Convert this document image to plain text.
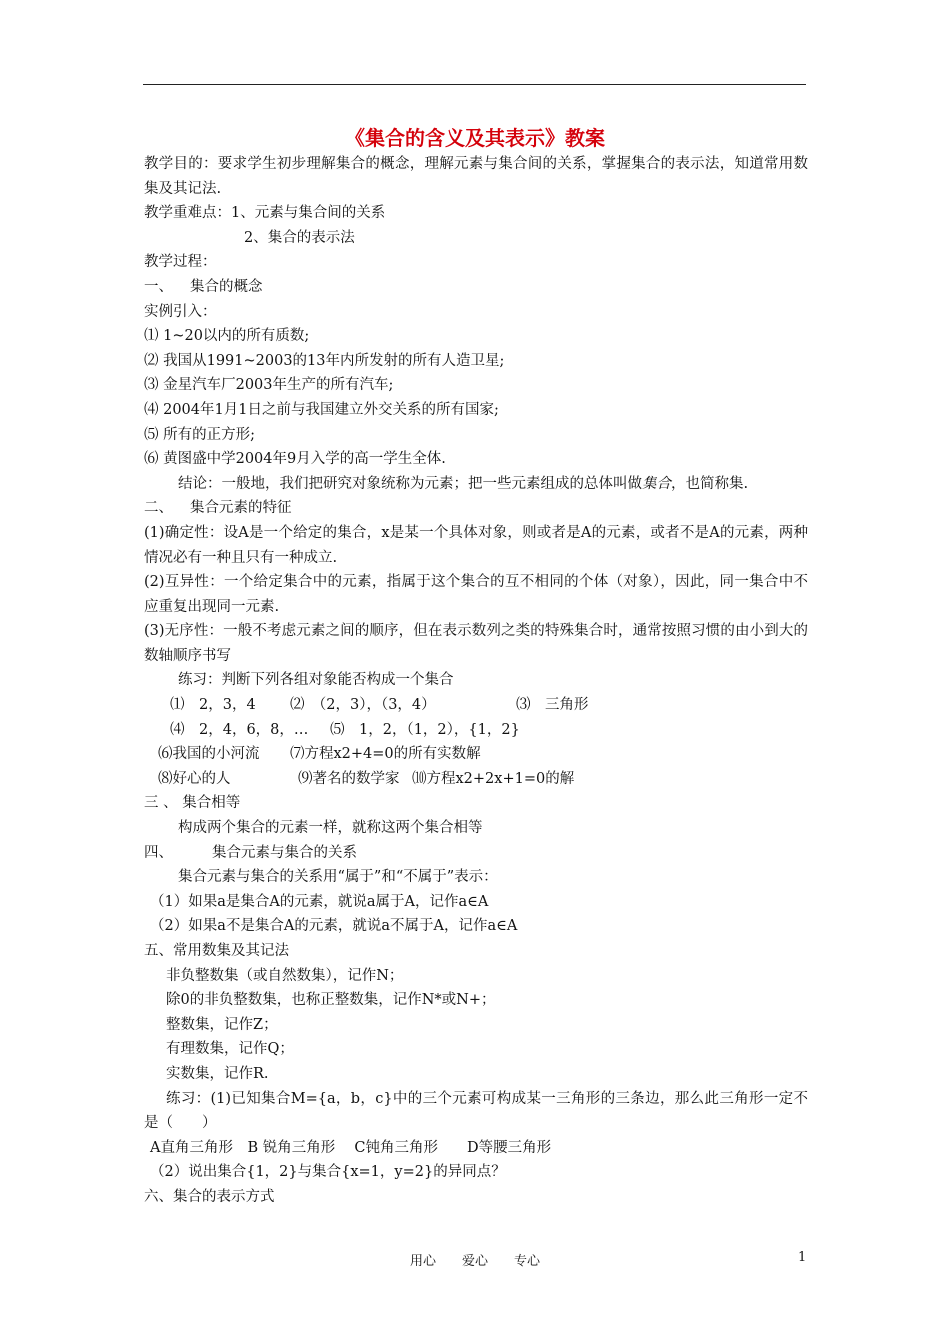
《集合的含义及其表示》教案
教学目的：要求学生初步理解集合的概念，理解元素与集合间的关系，掌握集合的表示法，知道常用数集及其记法.
教学重难点：1、元素与集合间的关系
2、集合的表示法
教学过程：
一、 集合的概念
实例引入：
⑴ 1~20以内的所有质数;
⑵ 我国从1991~2003的13年内所发射的所有人造卫星;
⑶ 金星汽车厂2003年生产的所有汽车;
⑷ 2004年1月1日之前与我国建立外交关系的所有国家;
⑸ 所有的正方形;
⑹ 黄图盛中学2004年9月入学的高一学生全体.
结论：一般地，我们把研究对象统称为元素；把一些元素组成的总体叫做集合，也简称集.
二、 集合元素的特征
(1)确定性：设A是一个给定的集合，x是某一个具体对象，则或者是A的元素，或者不是A的元素，两种情况必有一种且只有一种成立.
(2)互异性：一个给定集合中的元素，指属于这个集合的互不相同的个体（对象），因此，同一集合中不应重复出现同一元素.
(3)无序性：一般不考虑元素之间的顺序，但在表示数列之类的特殊集合时，通常按照习惯的由小到大的数轴顺序书写
练习：判断下列各组对象能否构成一个集合
⑴　2，3，4 ⑵　（2，3），（3，4）	⑶　三角形
⑷　2，4，6，8，… ⑸　1，2，（1，2），{1，2}
⑹我国的小河流 ⑺方程x2+4=0的所有实数解
⑻好心的人	⑼著名的数学家 ⑽方程x2+2x+1=0的解
三 、 集合相等
构成两个集合的元素一样，就称这两个集合相等
四、	集合元素与集合的关系
集合元素与集合的关系用“属于”和“不属于”表示：
（1）如果a是集合A的元素，就说a属于A，记作a∈A
（2）如果a不是集合A的元素，就说a不属于A，记作a∈A
五、常用数集及其记法
非负整数集（或自然数集），记作N；
除0的非负整数集，也称正整数集，记作N*或N+；
整数集，记作Z；
有理数集，记作Q；
实数集，记作R.
练习：(1)已知集合M={a，b，c}中的三个元素可构成某一三角形的三条边，那么此三角形一定不是（　　）
A直角三角形　B 锐角三角形　 C钝角三角形　　D等腰三角形
（2）说出集合{1，2}与集合{x=1，y=2}的异同点？
六、集合的表示方式
用心　　爱心　　专心	1
